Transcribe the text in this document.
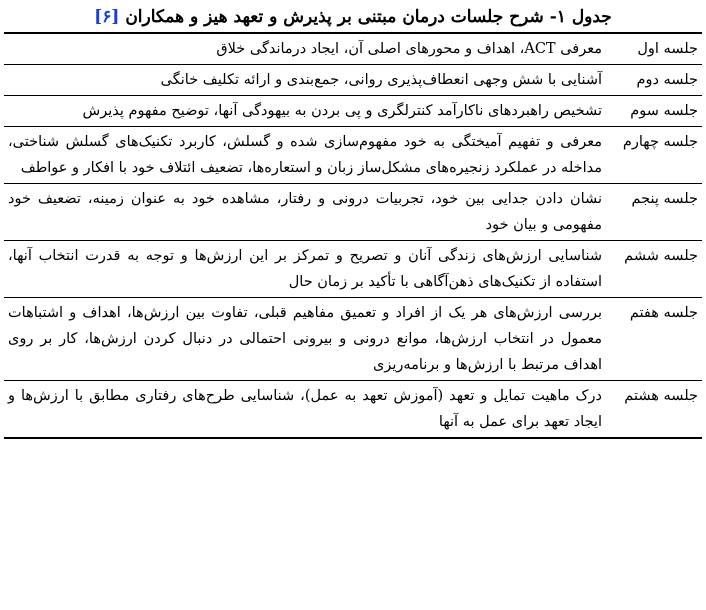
جدول ۱- شرح جلسات درمان مبتنی بر پذیرش و تعهد هیز و همکاران [۶]
جلسه اول	معرفی ACT، اهداف و محورهای اصلی آن، ایجاد درماندگی خلاق
جلسه دوم	آشنایی با شش وجهی انعطاف‌پذیری روانی، جمع‌بندی و ارائه تکلیف خانگی
جلسه سوم	تشخیص راهبردهای ناکارآمد کنترلگری و پی بردن به بیهودگی آنها، توضیح مفهوم پذیرش
جلسه چهارم	معرفی و تفهیم آمیختگی به خود مفهوم‌سازی شده و گسلش، کاربرد تکنیک‌های گسلش شناختی، مداخله در عملکرد زنجیره‌های مشکل‌ساز زبان و استعاره‌ها، تضعیف ائتلاف خود با افکار و عواطف
جلسه پنجم	نشان دادن جدایی بین خود، تجربیات درونی و رفتار، مشاهده خود به عنوان زمینه، تضعیف خود مفهومی و بیان خود
جلسه ششم	شناسایی ارزش‌های زندگی آنان و تصریح و تمرکز بر این ارزش‌ها و توجه به قدرت انتخاب آنها، استفاده از تکنیک‌های ذهن‌آگاهی با تأکید بر زمان حال
جلسه هفتم	بررسی ارزش‌های هر یک از افراد و تعمیق مفاهیم قبلی، تفاوت بین ارزش‌ها، اهداف و اشتباهات معمول در انتخاب ارزش‌ها، موانع درونی و بیرونی احتمالی در دنبال کردن ارزش‌ها، کار بر روی اهداف مرتبط با ارزش‌ها و برنامه‌ریزی
جلسه هشتم	درک ماهیت تمایل و تعهد (آموزش تعهد به عمل)، شناسایی طرح‌های رفتاری مطابق با ارزش‌ها و ایجاد تعهد برای عمل به آنها
